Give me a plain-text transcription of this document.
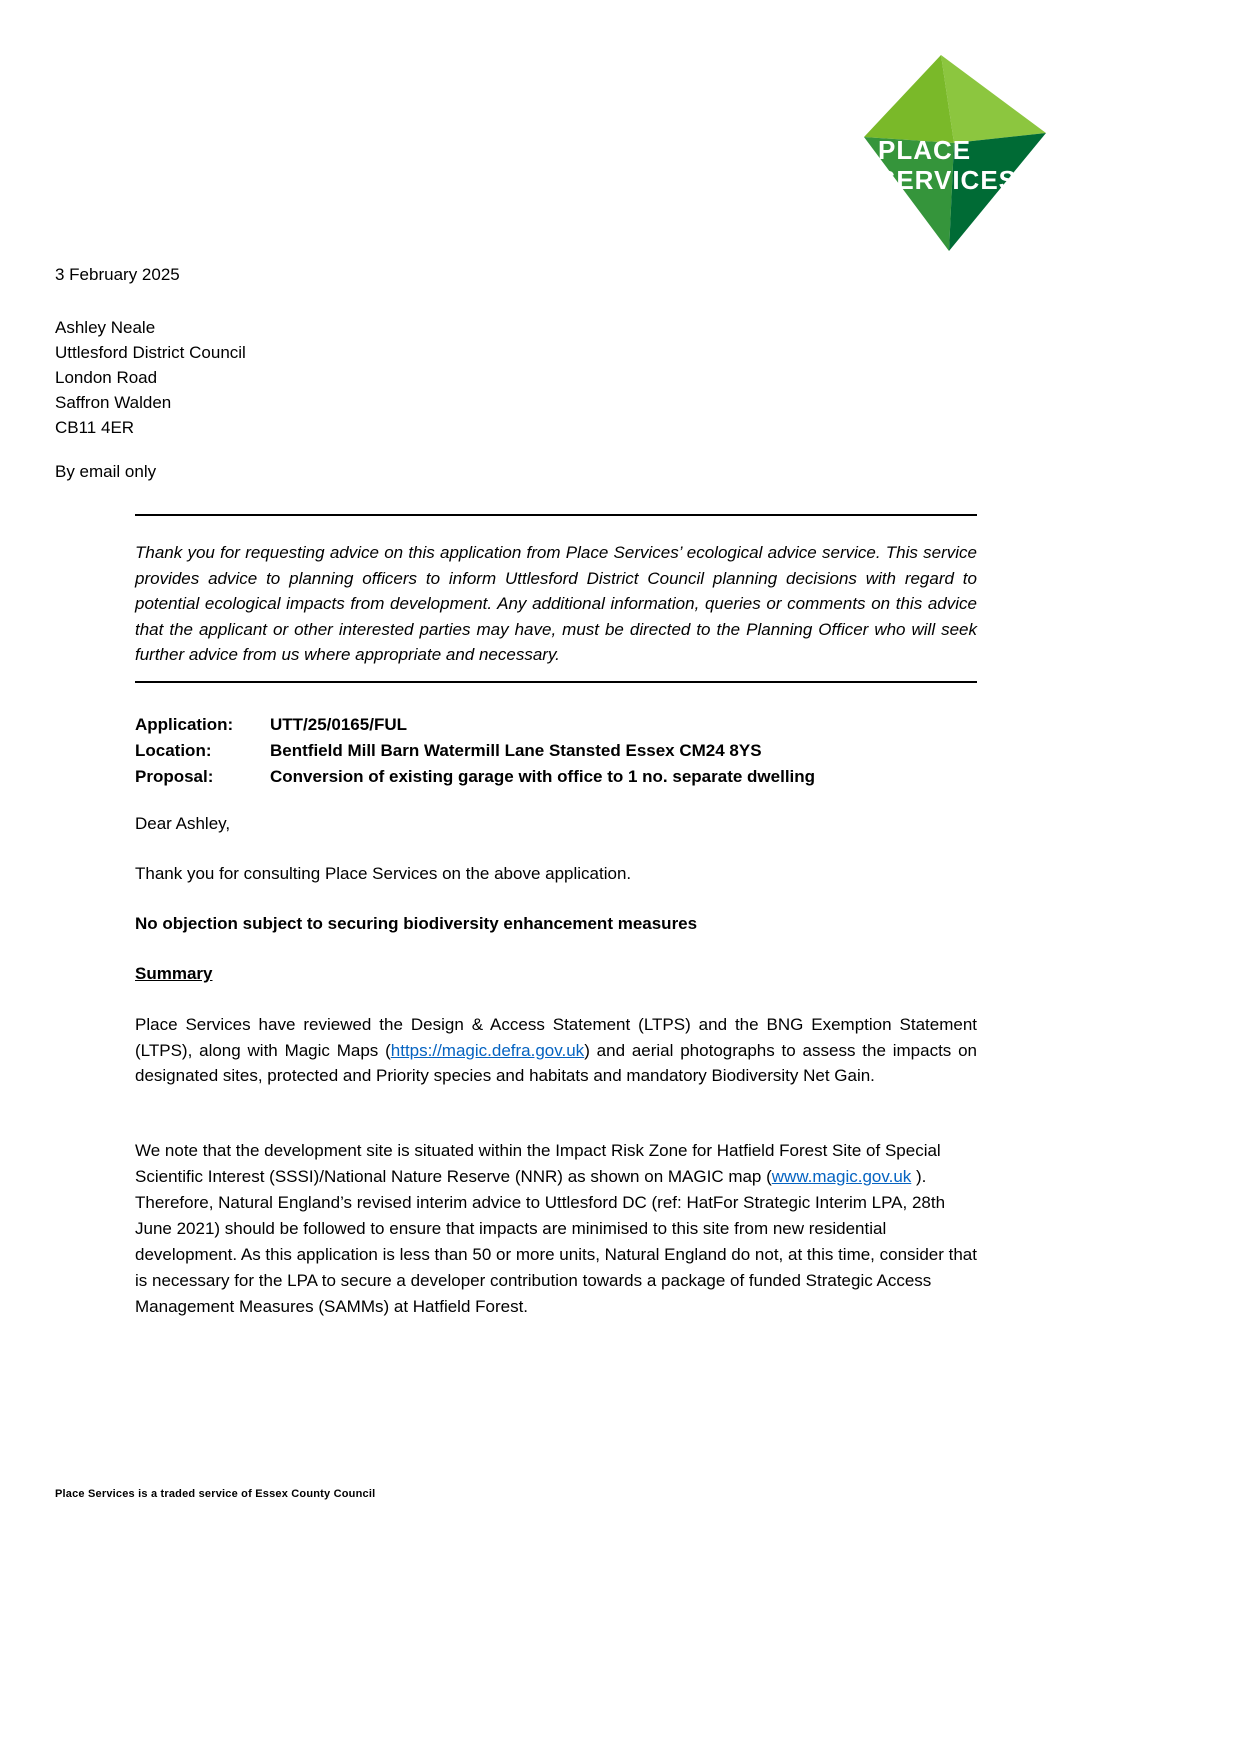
PLACE
SERVICES
3 February 2025
Ashley Neale
Uttlesford District Council
London Road
Saffron Walden
CB11 4ER
By email only
Thank you for requesting advice on this application from Place Services’ ecological advice service. This service provides advice to planning officers to inform Uttlesford District Council planning decisions with regard to potential ecological impacts from development. Any additional information, queries or comments on this advice that the applicant or other interested parties may have, must be directed to the Planning Officer who will seek further advice from us where appropriate and necessary.
Application:	UTT/25/0165/FUL
Location:	Bentfield Mill Barn Watermill Lane Stansted Essex CM24 8YS
Proposal:	Conversion of existing garage with office to 1 no. separate dwelling
Dear Ashley,
Thank you for consulting Place Services on the above application.
No objection subject to securing biodiversity enhancement measures
Summary
Place Services have reviewed the Design & Access Statement (LTPS) and the BNG Exemption Statement (LTPS), along with Magic Maps (https://magic.defra.gov.uk) and aerial photographs to assess the impacts on designated sites, protected and Priority species and habitats and mandatory Biodiversity Net Gain.
We note that the development site is situated within the Impact Risk Zone for Hatfield Forest Site of Special Scientific Interest (SSSI)/National Nature Reserve (NNR) as shown on MAGIC map (www.magic.gov.uk ). Therefore, Natural England’s revised interim advice to Uttlesford DC (ref: HatFor Strategic Interim LPA, 28th June 2021) should be followed to ensure that impacts are minimised to this site from new residential development. As this application is less than 50 or more units, Natural England do not, at this time, consider that is necessary for the LPA to secure a developer contribution towards a package of funded Strategic Access Management Measures (SAMMs) at Hatfield Forest.
Place Services is a traded service of Essex County Council
